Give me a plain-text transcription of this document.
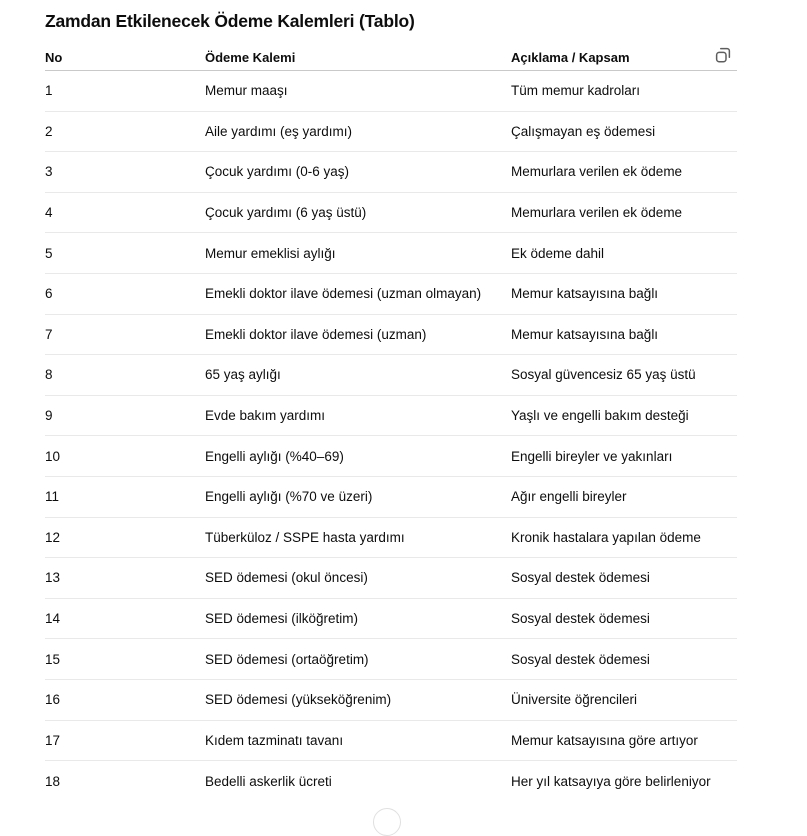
Zamdan Etkilenecek Ödeme Kalemleri (Tablo)
No	Ödeme Kalemi	Açıklama / Kapsam
1	Memur maaşı	Tüm memur kadroları
2	Aile yardımı (eş yardımı)	Çalışmayan eş ödemesi
3	Çocuk yardımı (0-6 yaş)	Memurlara verilen ek ödeme
4	Çocuk yardımı (6 yaş üstü)	Memurlara verilen ek ödeme
5	Memur emeklisi aylığı	Ek ödeme dahil
6	Emekli doktor ilave ödemesi (uzman olmayan)	Memur katsayısına bağlı
7	Emekli doktor ilave ödemesi (uzman)	Memur katsayısına bağlı
8	65 yaş aylığı	Sosyal güvencesiz 65 yaş üstü
9	Evde bakım yardımı	Yaşlı ve engelli bakım desteği
10	Engelli aylığı (%40–69)	Engelli bireyler ve yakınları
11	Engelli aylığı (%70 ve üzeri)	Ağır engelli bireyler
12	Tüberküloz / SSPE hasta yardımı	Kronik hastalara yapılan ödeme
13	SED ödemesi (okul öncesi)	Sosyal destek ödemesi
14	SED ödemesi (ilköğretim)	Sosyal destek ödemesi
15	SED ödemesi (ortaöğretim)	Sosyal destek ödemesi
16	SED ödemesi (yükseköğrenim)	Üniversite öğrencileri
17	Kıdem tazminatı tavanı	Memur katsayısına göre artıyor
18	Bedelli askerlik ücreti	Her yıl katsayıya göre belirleniyor
